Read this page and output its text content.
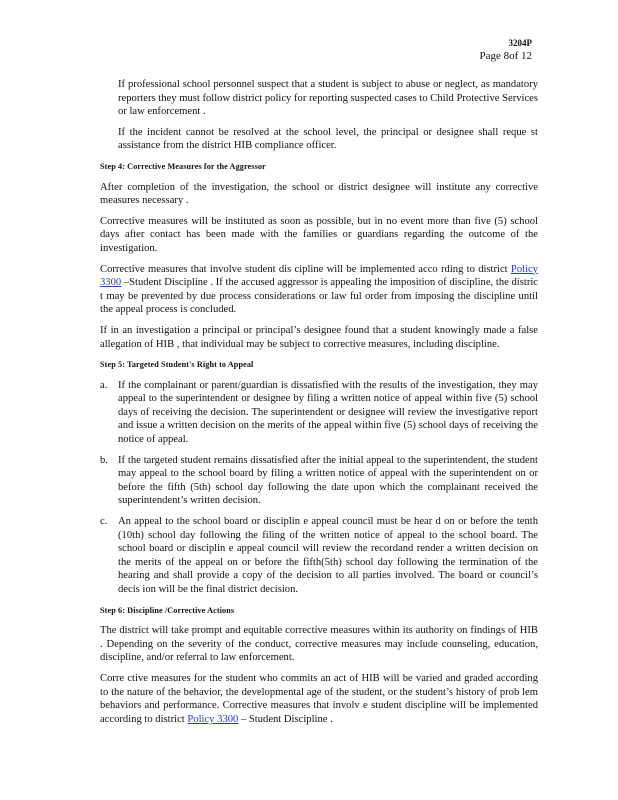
3204P
Page 8of 12

If professional school personnel suspect that a student is subject to abuse or neglect, as mandatory reporters they must follow district policy for reporting suspected cases to Child Protective Services or law enforcement .

If the incident cannot be resolved at the school level, the principal or designee shall reque st assistance from the district HIB compliance officer.

Step 4: Corrective Measures for the Aggressor

After completion of the investigation, the school or district designee will institute any corrective measures necessary .

Corrective measures will be instituted as soon as possible, but in no event more than five (5) school days after contact has been made with the families or guardians regarding the outcome of the investigation.

Corrective measures that involve student dis cipline will be implemented acco rding to district Policy 3300 –Student Discipline . If the accused aggressor is appealing the imposition of discipline, the distric t may be prevented by due process considerations or law ful order from imposing the discipline until the appeal process is concluded.

If in an investigation a principal or principal’s designee found that a student knowingly made a false allegation of HIB , that individual may be subject to corrective measures, including discipline.

Step 5: Targeted Student's Right to Appeal
a. If the complainant or parent/guardian is dissatisfied with the results of the investigation, they may appeal to the superintendent or designee by filing a written notice of appeal within five (5) school days of receiving the decision. The superintendent or designee will review the investigative report and issue a written decision on the merits of the appeal within five (5) school days of receiving the notice of appeal.
b. If the targeted student remains dissatisfied after the initial appeal to the superintendent, the student may appeal to the school board by filing a written notice of appeal with the superintendent on or before the fifth (5th) school day following the date upon which the complainant received the superintendent’s written decision.
c. An appeal to the school board or disciplin e appeal council must be hear d on or before the tenth (10th) school day following the filing of the written notice of appeal to the school board. The school board or disciplin e appeal council will review the recordand render a written decision on the merits of the appeal on or before the fifth(5th) school day following the termination of the hearing and shall provide a copy of the decision to all parties involved. The board or council’s decis ion will be the final district decision.
Step 6: Discipline /Corrective Actions

The district will take prompt and equitable corrective measures within its authority on findings of HIB . Depending on the severity of the conduct, corrective measures may include counseling, education, discipline, and/or referral to law enforcement.

Corre ctive measures for the student who commits an act of HIB will be varied and graded according to the nature of the behavior, the developmental age of the student, or the student’s history of prob lem behaviors and performance. Corrective measures that involv e student discipline will be implemented according to district Policy 3300 – Student Discipline .
